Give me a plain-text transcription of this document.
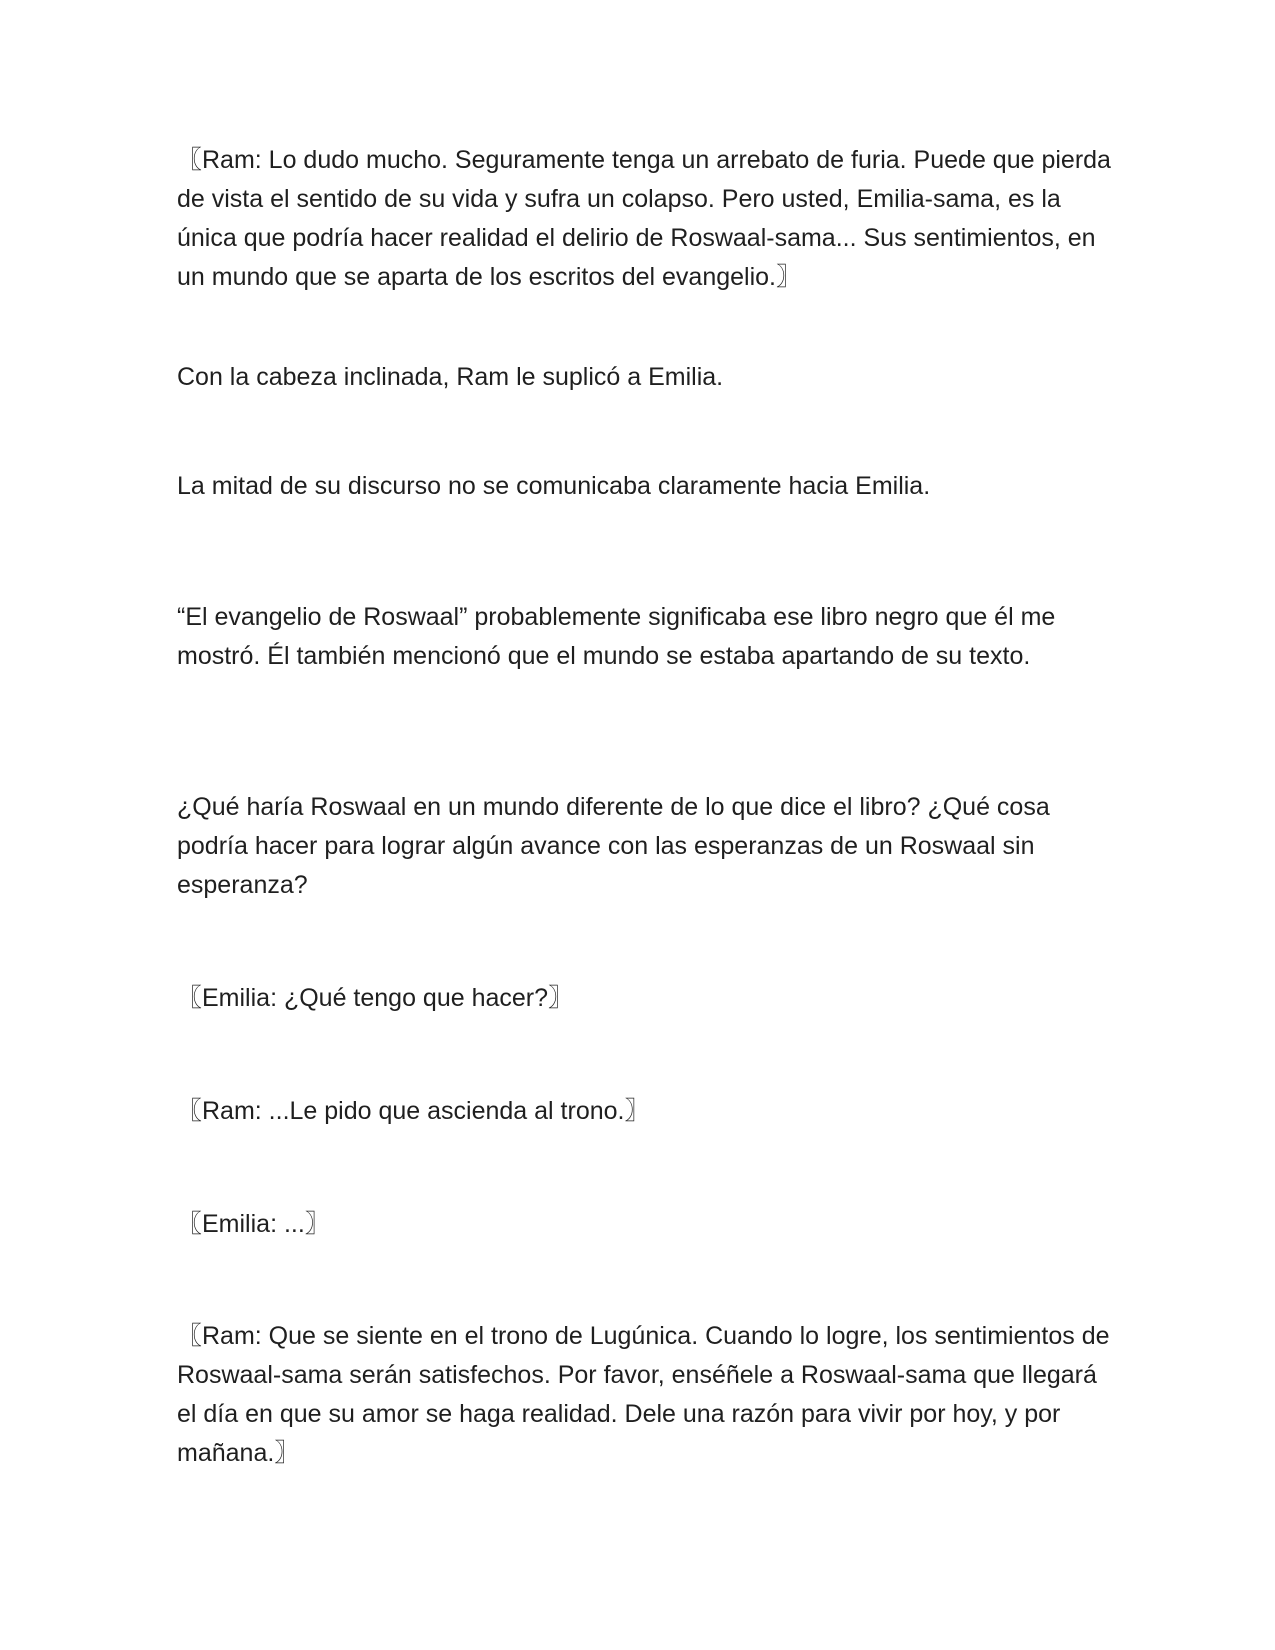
〖Ram: Lo dudo mucho. Seguramente tenga un arrebato de furia. Puede que pierda de vista el sentido de su vida y sufra un colapso. Pero usted, Emilia-sama, es la única que podría hacer realidad el delirio de Roswaal-sama... Sus sentimientos, en un mundo que se aparta de los escritos del evangelio.〗

Con la cabeza inclinada, Ram le suplicó a Emilia.

La mitad de su discurso no se comunicaba claramente hacia Emilia.

“El evangelio de Roswaal” probablemente significaba ese libro negro que él me mostró. Él también mencionó que el mundo se estaba apartando de su texto.

¿Qué haría Roswaal en un mundo diferente de lo que dice el libro? ¿Qué cosa podría hacer para lograr algún avance con las esperanzas de un Roswaal sin esperanza?

〖Emilia: ¿Qué tengo que hacer?〗

〖Ram: ...Le pido que ascienda al trono.〗

〖Emilia: ...〗

〖Ram: Que se siente en el trono de Lugúnica. Cuando lo logre, los sentimientos de Roswaal-sama serán satisfechos. Por favor, enséñele a Roswaal-sama que llegará el día en que su amor se haga realidad. Dele una razón para vivir por hoy, y por mañana.〗
